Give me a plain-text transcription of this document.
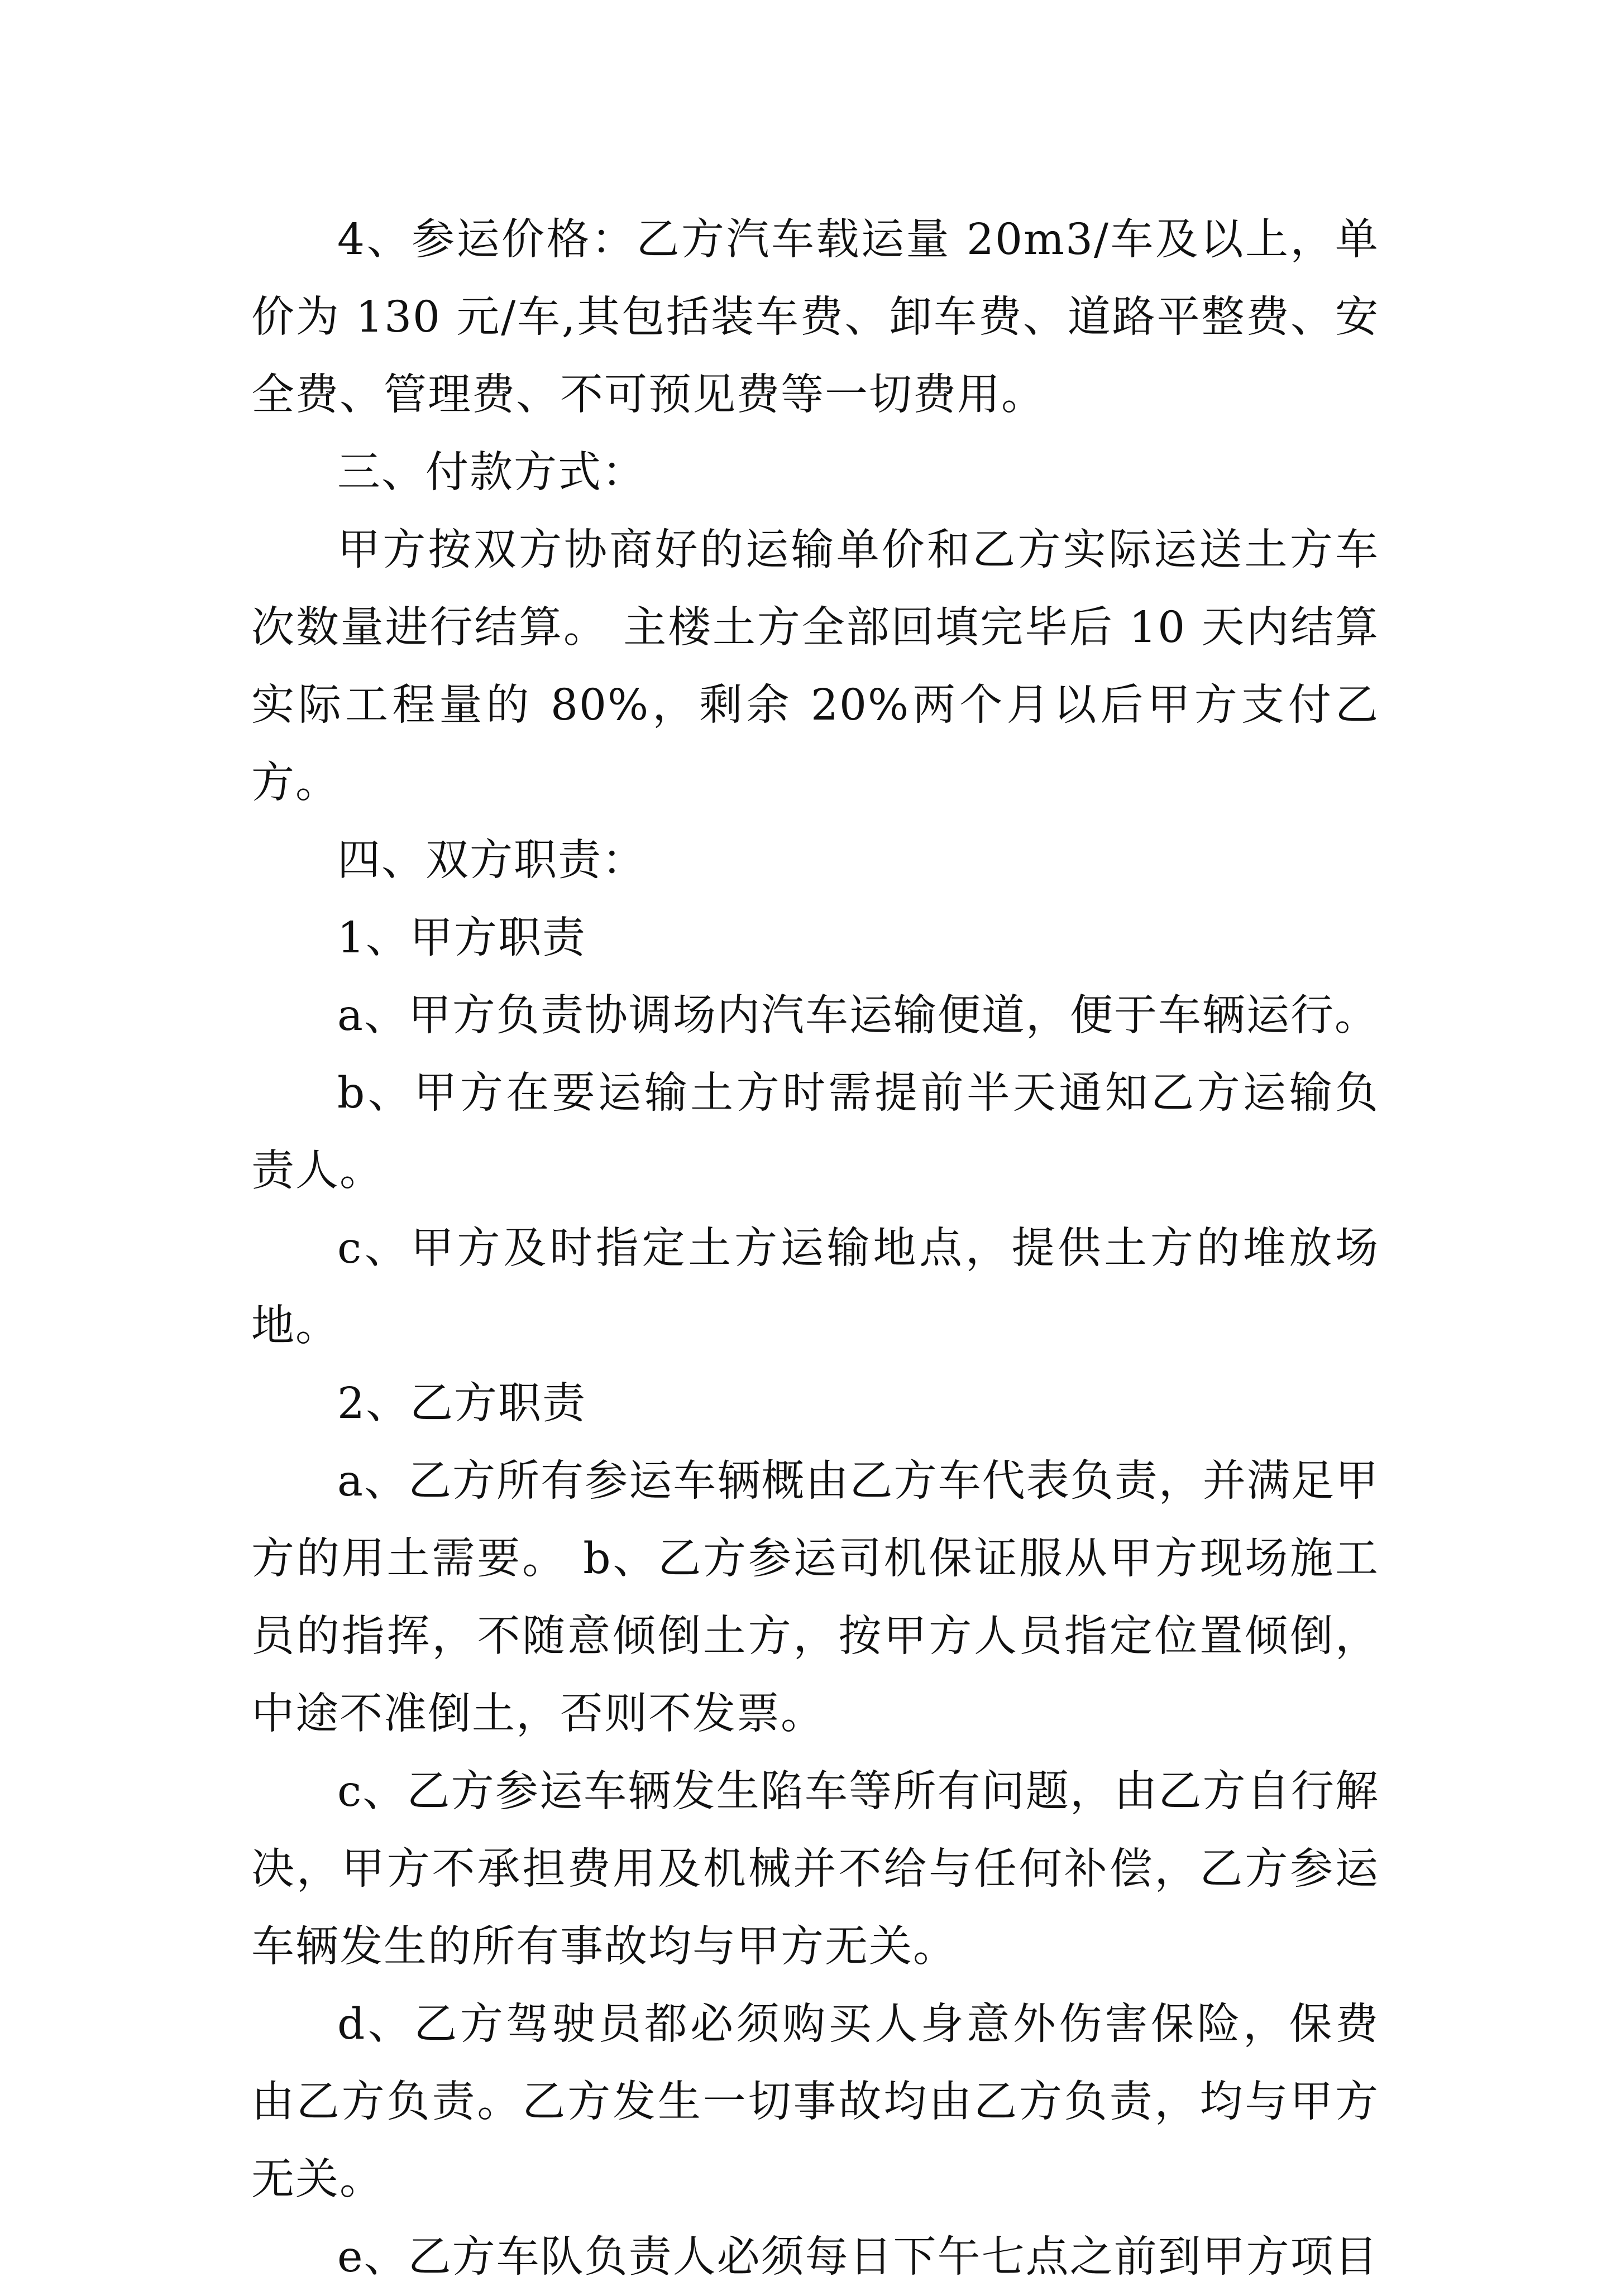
4、参运价格：乙方汽车载运量 20m3/车及以上，单价为 130 元/车,其包括装车费、卸车费、道路平整费、安全费、管理费、不可预见费等一切费用。

三、付款方式：

甲方按双方协商好的运输单价和乙方实际运送土方车次数量进行结算。 主楼土方全部回填完毕后 10 天内结算实际工程量的 80%，剩余 20%两个月以后甲方支付乙方。

四、双方职责：

1、甲方职责

a、甲方负责协调场内汽车运输便道，便于车辆运行。

b、甲方在要运输土方时需提前半天通知乙方运输负责人。

c、甲方及时指定土方运输地点，提供土方的堆放场地。

2、乙方职责

a、乙方所有参运车辆概由乙方车代表负责，并满足甲方的用土需要。 b、乙方参运司机保证服从甲方现场施工员的指挥，不随意倾倒土方，按甲方人员指定位置倾倒，中途不准倒土，否则不发票。

c、乙方参运车辆发生陷车等所有问题，由乙方自行解决，甲方不承担费用及机械并不给与任何补偿，乙方参运车辆发生的所有事故均与甲方无关。

d、乙方驾驶员都必须购买人身意外伤害保险，保费由乙方负责。乙方发生一切事故均由乙方负责，均与甲方无关。

e、乙方车队负责人必须每日下午七点之前到甲方项目
